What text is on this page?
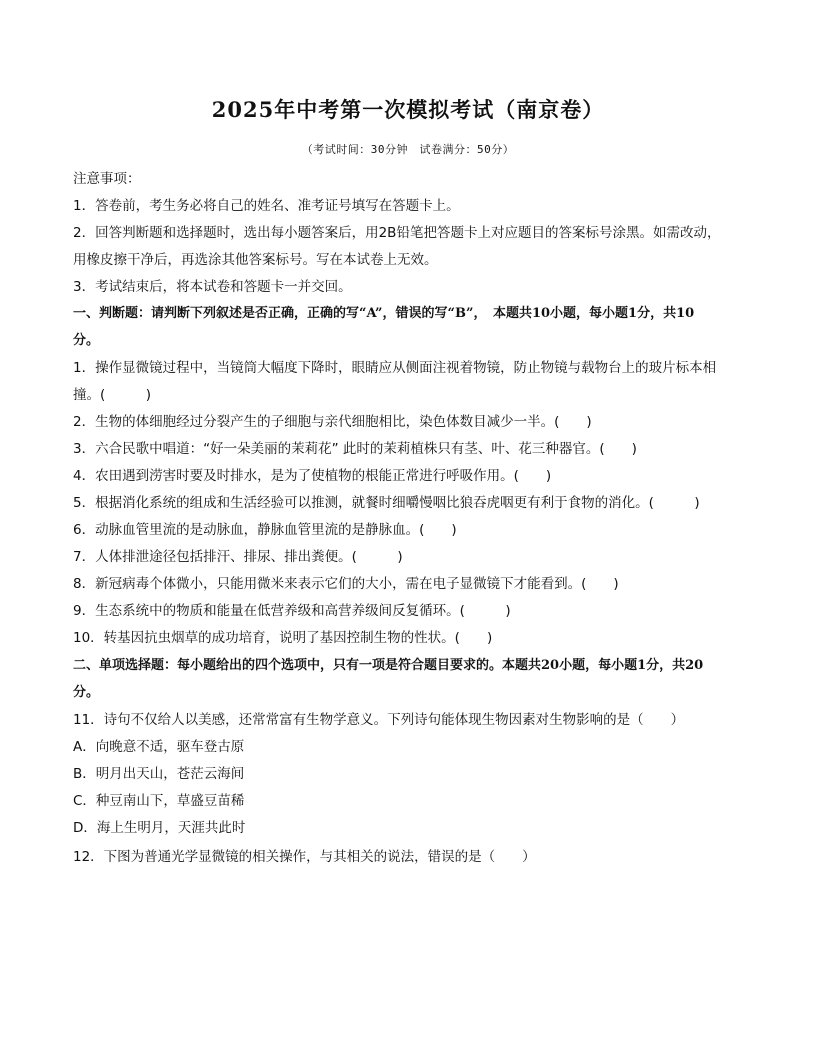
2025年中考第一次模拟考试（南京卷）
（考试时间：30分钟　试卷满分：50分）
注意事项：
1．答卷前，考生务必将自己的姓名、准考证号填写在答题卡上。
2．回答判断题和选择题时，选出每小题答案后，用2B铅笔把答题卡上对应题目的答案标号涂黑。如需改动，
用橡皮擦干净后，再选涂其他答案标号。写在本试卷上无效。
3．考试结束后，将本试卷和答题卡一并交回。
一、判断题：请判断下列叙述是否正确，正确的写“A”，错误的写“B”，　本题共10小题，每小题1分，共10
分。
1．操作显微镜过程中，当镜筒大幅度下降时，眼睛应从侧面注视着物镜，防止物镜与载物台上的玻片标本相
撞。(　　　)
2．生物的体细胞经过分裂产生的子细胞与亲代细胞相比，染色体数目减少一半。(　　)
3．六合民歌中唱道：“好一朵美丽的茉莉花” 此时的茉莉植株只有茎、叶、花三种器官。(　　)
4．农田遇到涝害时要及时排水，是为了使植物的根能正常进行呼吸作用。(　　)
5．根据消化系统的组成和生活经验可以推测，就餐时细嚼慢咽比狼吞虎咽更有利于食物的消化。(　　　)
6．动脉血管里流的是动脉血，静脉血管里流的是静脉血。(　　)
7．人体排泄途径包括排汗、排尿、排出粪便。(　　　)
8．新冠病毒个体微小，只能用微米来表示它们的大小，需在电子显微镜下才能看到。(　　)
9．生态系统中的物质和能量在低营养级和高营养级间反复循环。(　　　)
10．转基因抗虫烟草的成功培育，说明了基因控制生物的性状。(　　)
二、单项选择题：每小题给出的四个选项中，只有一项是符合题目要求的。本题共20小题，每小题1分，共20
分。
11．诗句不仅给人以美感，还常常富有生物学意义。下列诗句能体现生物因素对生物影响的是（　　）
A．向晚意不适，驱车登古原
B．明月出天山，苍茫云海间
C．种豆南山下，草盛豆苗稀
D．海上生明月，天涯共此时
12．下图为普通光学显微镜的相关操作，与其相关的说法，错误的是（　　）
